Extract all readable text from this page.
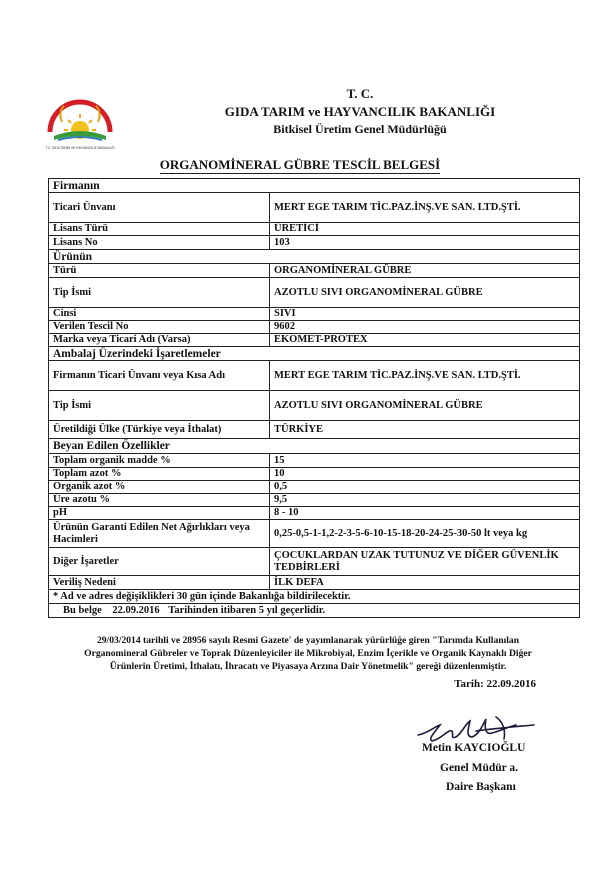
T.C. GIDA TARIM VE HAYVANCILIK BAKANLIĞI
T. C.
GIDA TARIM ve HAYVANCILIK BAKANLIĞI
Bitkisel Üretim Genel Müdürlüğü
ORGANOMİNERAL GÜBRE TESCİL BELGESİ
Firmanın	
Ticari Ünvanı	MERT EGE TARIM TİC.PAZ.İNŞ.VE SAN. LTD.ŞTİ.
Lisans Türü	ÜRETİCİ
Lisans No	103
Ürünün	
Türü	ORGANOMİNERAL GÜBRE
Tip İsmi	AZOTLU SIVI ORGANOMİNERAL GÜBRE
Cinsi	SIVI
Verilen Tescil No	9602
Marka veya Ticari Adı (Varsa)	EKOMET-PROTEX
Ambalaj Üzerindeki İşaretlemeler	
Firmanın Ticari Ünvanı veya Kısa Adı	MERT EGE TARIM TİC.PAZ.İNŞ.VE SAN. LTD.ŞTİ.
Tip İsmi	AZOTLU SIVI ORGANOMİNERAL GÜBRE
Üretildiği Ülke (Türkiye veya İthalat)	TÜRKİYE
Beyan Edilen Özellikler	
Toplam organik madde %	15
Toplam azot %	10
Organik azot %	0,5
Üre azotu %	9,5
pH	8 - 10
Ürünün Garanti Edilen Net Ağırlıkları veya Hacimleri	0,25-0,5-1-1,2-2-3-5-6-10-15-18-20-24-25-30-50 lt veya kg
Diğer İşaretler	ÇOCUKLARDAN UZAK TUTUNUZ VE DİĞER GÜVENLİK TEDBİRLERİ
Veriliş Nedeni	İLK DEFA
* Ad ve adres değişiklikleri 30 gün içinde Bakanlığa bildirilecektir.	
Bu belge 22.09.2016 Tarihinden itibaren 5 yıl geçerlidir.	
29/03/2014 tarihli ve 28956 sayılı Resmi Gazete' de yayımlanarak yürürlüğe giren "Tarımda Kullanılan
Organomineral Gübreler ve Toprak Düzenleyiciler ile Mikrobiyal, Enzim İçerikle ve Organik Kaynaklı Diğer
Ürünlerin Üretimi, İthalatı, İhracatı ve Piyasaya Arzına Dair Yönetmelik" gereği düzenlenmiştir.
Tarih: 22.09.2016
Metin KAYCIOĞLU
Genel Müdür a.
Daire Başkanı
